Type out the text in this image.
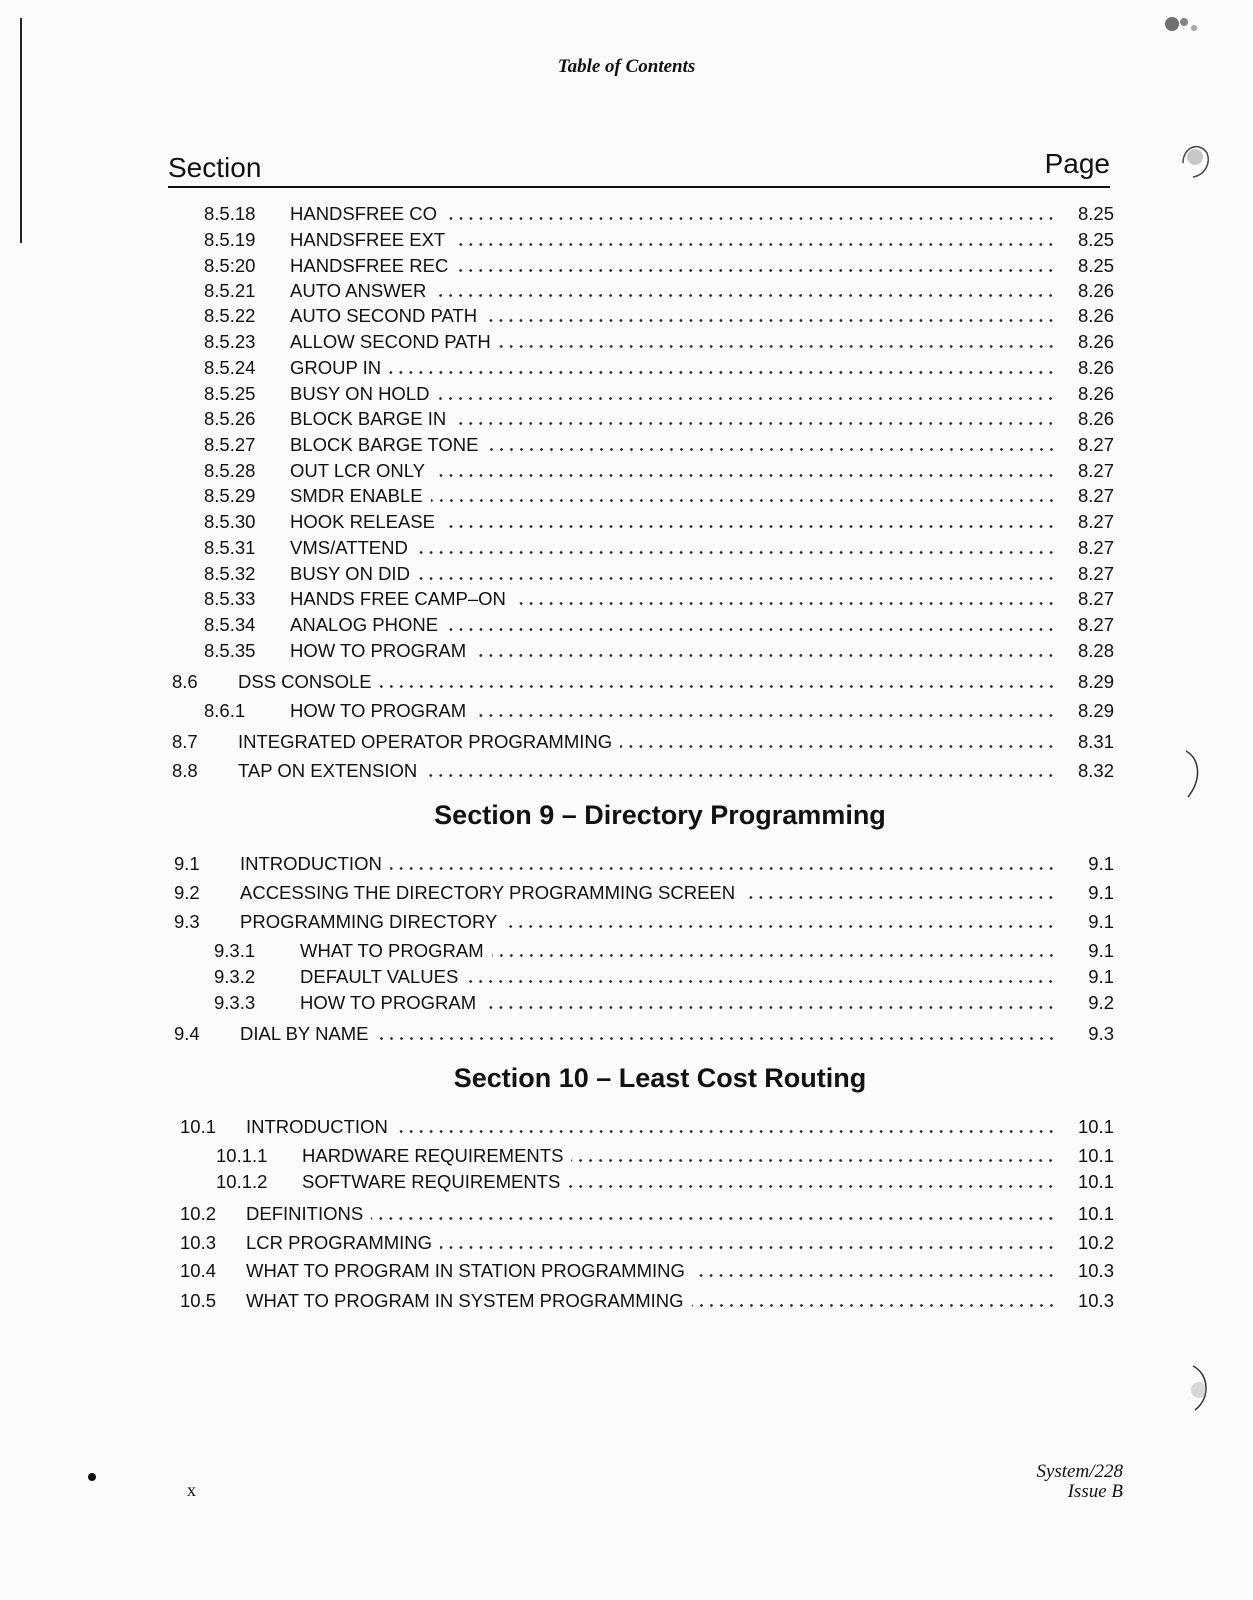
Table of Contents
Section	Page
8.5.18	HANDSFREE CO	8.25
8.5.19	HANDSFREE EXT	8.25
8.5:20	HANDSFREE REC	8.25
8.5.21	AUTO ANSWER	8.26
8.5.22	AUTO SECOND PATH	8.26
8.5.23	ALLOW SECOND PATH	8.26
8.5.24	GROUP IN	8.26
8.5.25	BUSY ON HOLD	8.26
8.5.26	BLOCK BARGE IN	8.26
8.5.27	BLOCK BARGE TONE	8.27
8.5.28	OUT LCR ONLY	8.27
8.5.29	SMDR ENABLE	8.27
8.5.30	HOOK RELEASE	8.27
8.5.31	VMS/ATTEND	8.27
8.5.32	BUSY ON DID	8.27
8.5.33	HANDS FREE CAMP–ON	8.27
8.5.34	ANALOG PHONE	8.27
8.5.35	HOW TO PROGRAM	8.28
8.6	DSS CONSOLE	8.29
8.6.1	HOW TO PROGRAM	8.29
8.7	INTEGRATED OPERATOR PROGRAMMING	8.31
8.8	TAP ON EXTENSION	8.32
Section 9 – Directory Programming
9.1	INTRODUCTION	9.1
9.2	ACCESSING THE DIRECTORY PROGRAMMING SCREEN	9.1
9.3	PROGRAMMING DIRECTORY	9.1
9.3.1	WHAT TO PROGRAM	9.1
9.3.2	DEFAULT VALUES	9.1
9.3.3	HOW TO PROGRAM	9.2
9.4	DIAL BY NAME	9.3
Section 10 – Least Cost Routing
10.1	INTRODUCTION	10.1
10.1.1	HARDWARE REQUIREMENTS	10.1
10.1.2	SOFTWARE REQUIREMENTS	10.1
10.2	DEFINITIONS	10.1
10.3	LCR PROGRAMMING	10.2
10.4	WHAT TO PROGRAM IN STATION PROGRAMMING	10.3
10.5	WHAT TO PROGRAM IN SYSTEM PROGRAMMING	10.3
x
System/228
Issue B
